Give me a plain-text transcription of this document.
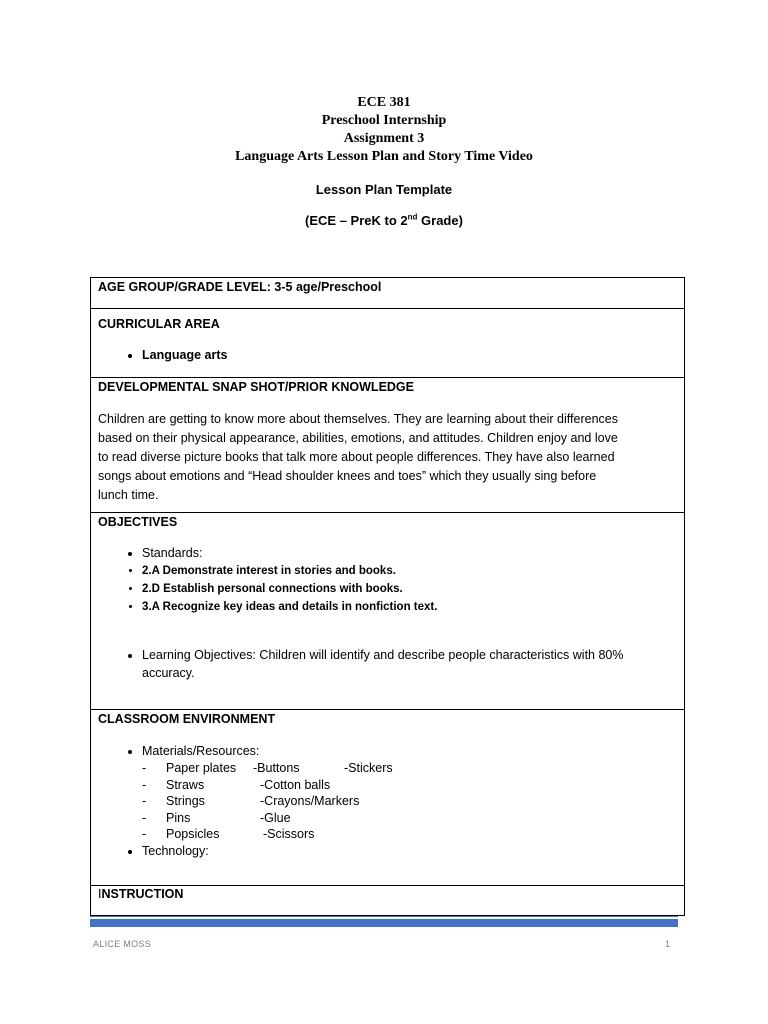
ECE 381
Preschool Internship
Assignment 3
Language Arts Lesson Plan and Story Time Video
Lesson Plan Template
(ECE – PreK to 2nd Grade)
AGE GROUP/GRADE LEVEL: 3-5 age/Preschool

CURRICULAR AREA
• Language arts

DEVELOPMENTAL SNAP SHOT/PRIOR KNOWLEDGE

Children are getting to know more about themselves. They are learning about their differences

based on their physical appearance, abilities, emotions, and attitudes. Children enjoy and love

to read diverse picture books that talk more about people differences. They have also learned

songs about emotions and “Head shoulder knees and toes” which they usually sing before

lunch time.

OBJECTIVES
• Standards:
• 2.A Demonstrate interest in stories and books.
• 2.D Establish personal connections with books.
• 3.A Recognize key ideas and details in nonfiction text.
• Learning Objectives: Children will identify and describe people characteristics with 80%
accuracy.

CLASSROOM ENVIRONMENT
• Materials/Resources:
- Paper plates -Buttons	-Stickers
- Straws	-Cotton balls
- Strings	-Crayons/Markers
- Pins	-Glue
- Popsicles	-Scissors
• Technology:

INSTRUCTION
ALICE MOSS	1
